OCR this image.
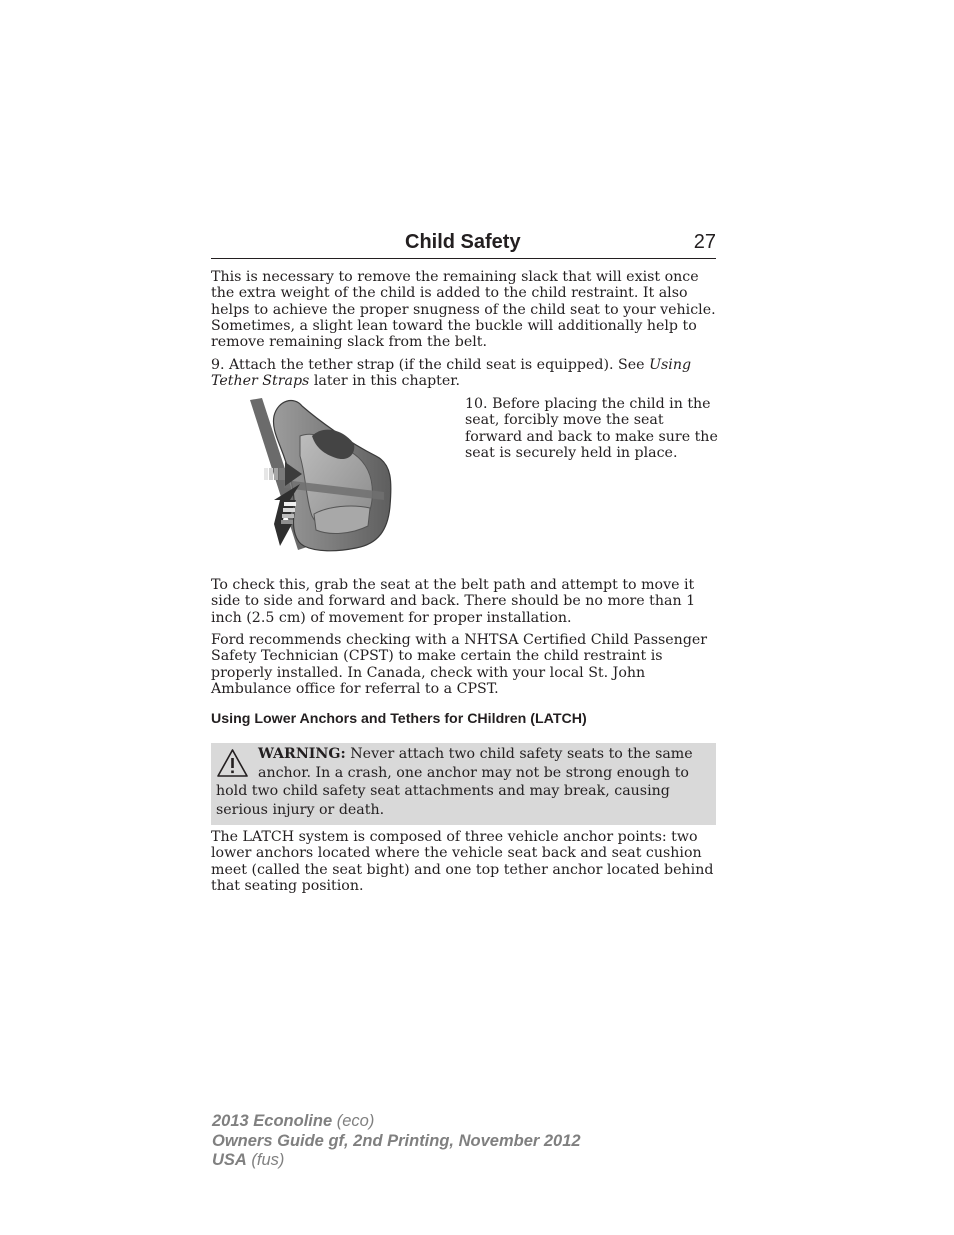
Child Safety	27

This is necessary to remove the remaining slack that will exist once the extra weight of the child is added to the child restraint. It also helps to achieve the proper snugness of the child seat to your vehicle. Sometimes, a slight lean toward the buckle will additionally help to remove remaining slack from the belt.

9. Attach the tether strap (if the child seat is equipped). See Using Tether Straps later in this chapter.

10. Before placing the child in the seat, forcibly move the seat forward and back to make sure the seat is securely held in place.

To check this, grab the seat at the belt path and attempt to move it side to side and forward and back. There should be no more than 1 inch (2.5 cm) of movement for proper installation.

Ford recommends checking with a NHTSA Certified Child Passenger Safety Technician (CPST) to make certain the child restraint is properly installed. In Canada, check with your local St. John Ambulance office for referral to a CPST.

Using Lower Anchors and Tethers for CHildren (LATCH)

WARNING: Never attach two child safety seats to the same anchor. In a crash, one anchor may not be strong enough to hold two child safety seat attachments and may break, causing serious injury or death.

The LATCH system is composed of three vehicle anchor points: two lower anchors located where the vehicle seat back and seat cushion meet (called the seat bight) and one top tether anchor located behind that seating position.

2013 Econoline (eco)
Owners Guide gf, 2nd Printing, November 2012
USA (fus)
